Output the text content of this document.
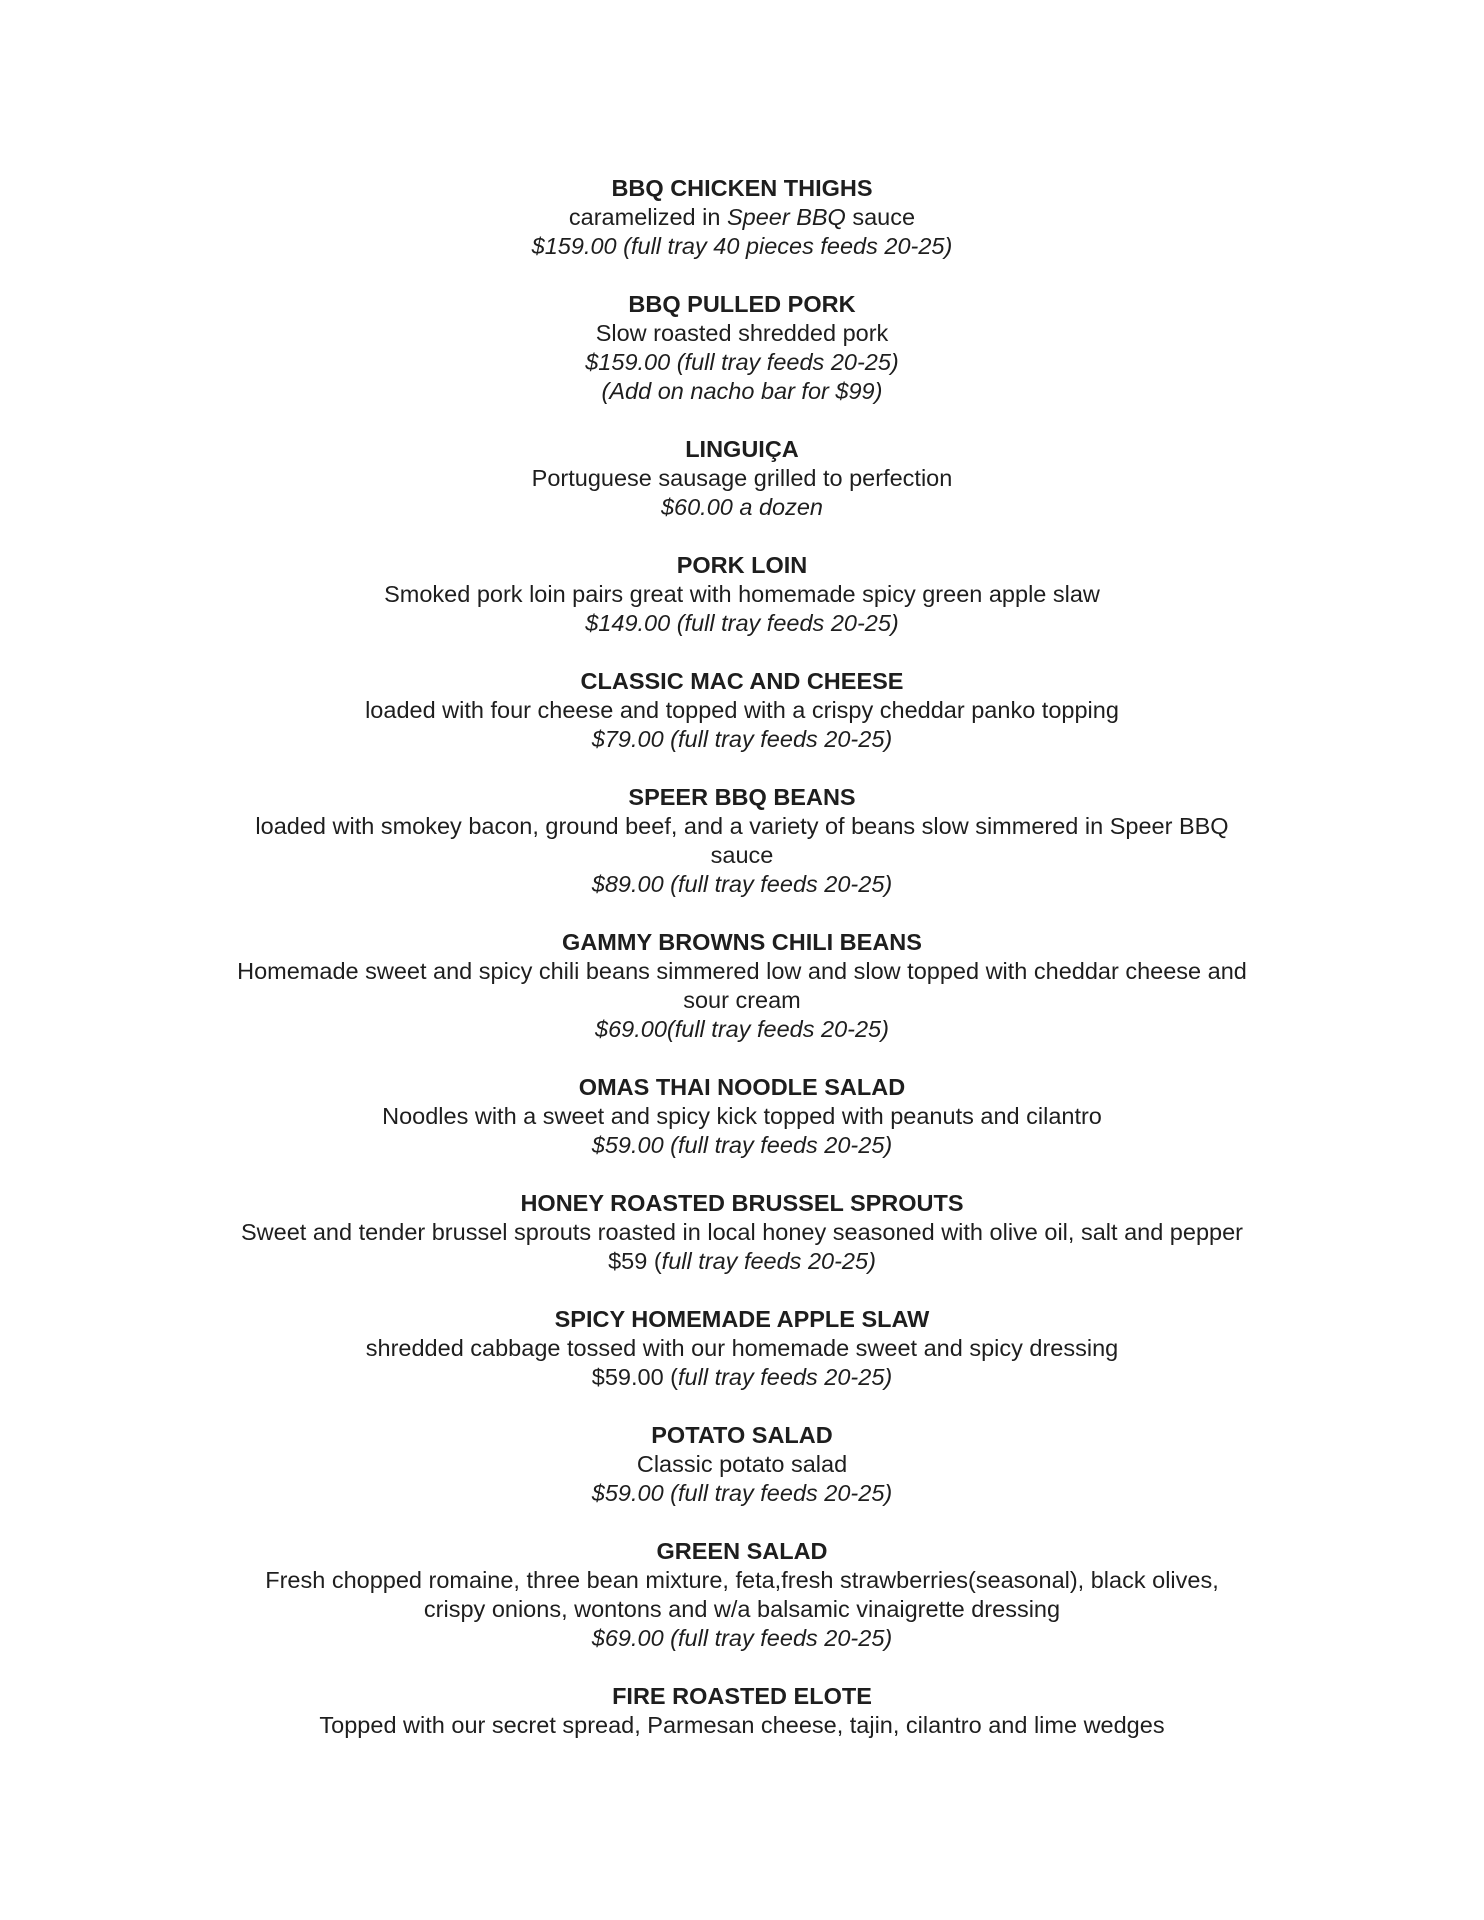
BBQ CHICKEN THIGHS
caramelized in Speer BBQ sauce
$159.00 (full tray 40 pieces feeds 20-25)
BBQ PULLED PORK
Slow roasted shredded pork
$159.00 (full tray feeds 20-25)
(Add on nacho bar for $99)
LINGUIÇA
Portuguese sausage grilled to perfection
$60.00 a dozen
PORK LOIN
Smoked pork loin pairs great with homemade spicy green apple slaw
$149.00 (full tray feeds 20-25)
CLASSIC MAC AND CHEESE
loaded with four cheese and topped with a crispy cheddar panko topping
$79.00 (full tray feeds 20-25)
SPEER BBQ BEANS
loaded with smokey bacon, ground beef, and a variety of beans slow simmered in Speer BBQ sauce
$89.00 (full tray feeds 20-25)
GAMMY BROWNS CHILI BEANS
Homemade sweet and spicy chili beans simmered low and slow topped with cheddar cheese and sour cream
$69.00(full tray feeds 20-25)
OMAS THAI NOODLE SALAD
Noodles with a sweet and spicy kick topped with peanuts and cilantro
$59.00 (full tray feeds 20-25)
HONEY ROASTED BRUSSEL SPROUTS
Sweet and tender brussel sprouts roasted in local honey seasoned with olive oil, salt and pepper
$59 (full tray feeds 20-25)
SPICY HOMEMADE APPLE SLAW
shredded cabbage tossed with our homemade sweet and spicy dressing
$59.00 (full tray feeds 20-25)
POTATO SALAD
Classic potato salad
$59.00 (full tray feeds 20-25)
GREEN SALAD
Fresh chopped romaine, three bean mixture, feta,fresh strawberries(seasonal), black olives,
crispy onions, wontons and w/a balsamic vinaigrette dressing
$69.00 (full tray feeds 20-25)
FIRE ROASTED ELOTE
Topped with our secret spread, Parmesan cheese, tajin, cilantro and lime wedges
